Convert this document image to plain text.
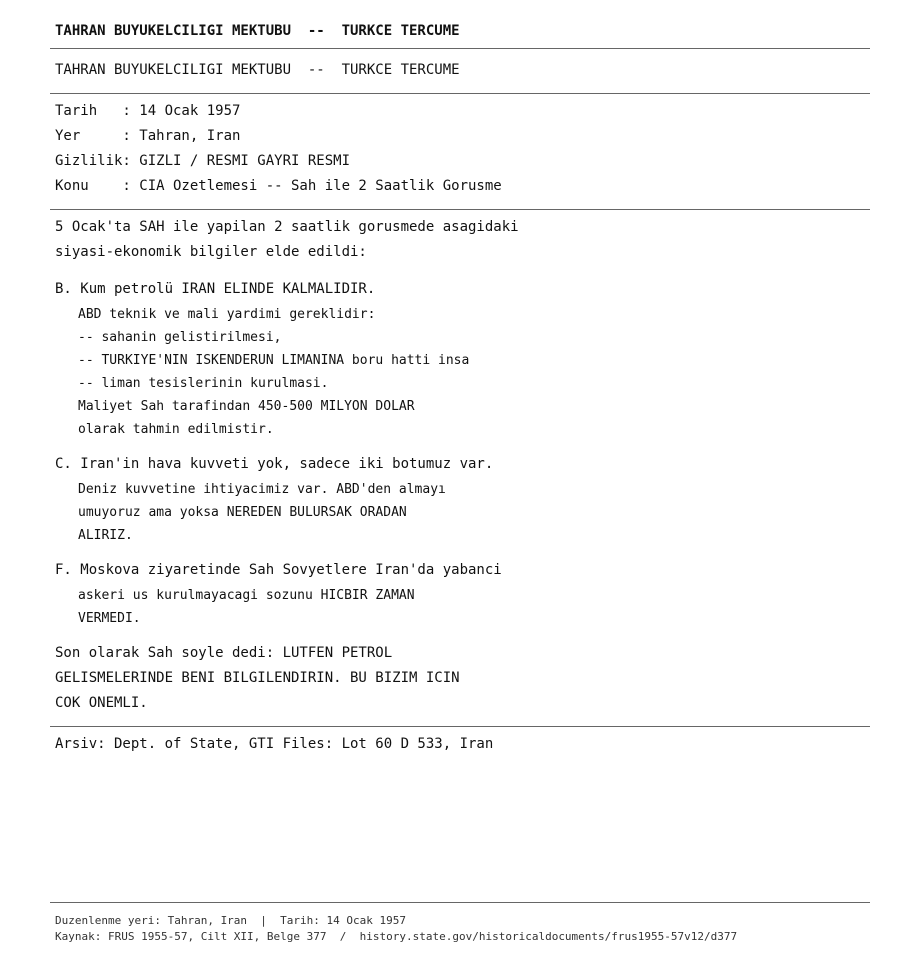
TAHRAN BUYUKELCILIGI MEKTUBU  --  TURKCE TERCUME
TAHRAN BUYUKELCILIGI MEKTUBU  --  TURKCE TERCUME
Tarih   : 14 Ocak 1957
Yer     : Tahran, Iran
Gizlilik: GIZLI / RESMI GAYRI RESMI
Konu    : CIA Ozetlemesi -- Sah ile 2 Saatlik Gorusme
5 Ocak'ta SAH ile yapilan 2 saatlik gorusmede asagidaki
siyasi-ekonomik bilgiler elde edildi:
B. Kum petrolü IRAN ELINDE KALMALIDIR.
ABD teknik ve mali yardimi gereklidir:
-- sahanin gelistirilmesi,
-- TURKIYE'NIN ISKENDERUN LIMANINA boru hatti insa
-- liman tesislerinin kurulmasi.
Maliyet Sah tarafindan 450-500 MILYON DOLAR
olarak tahmin edilmistir.
C. Iran'in hava kuvveti yok, sadece iki botumuz var.
Deniz kuvvetine ihtiyacimiz var. ABD'den almayı
umuyoruz ama yoksa NEREDEN BULURSAK ORADAN
ALIRIZ.
F. Moskova ziyaretinde Sah Sovyetlere Iran'da yabanci
askeri us kurulmayacagi sozunu HICBIR ZAMAN
VERMEDI.
Son olarak Sah soyle dedi: LUTFEN PETROL
GELISMELERINDE BENI BILGILENDIRIN. BU BIZIM ICIN
COK ONEMLI.
Arsiv: Dept. of State, GTI Files: Lot 60 D 533, Iran
Duzenlenme yeri: Tahran, Iran  |  Tarih: 14 Ocak 1957
Kaynak: FRUS 1955-57, Cilt XII, Belge 377  /  history.state.gov/historicaldocuments/frus1955-57v12/d377
